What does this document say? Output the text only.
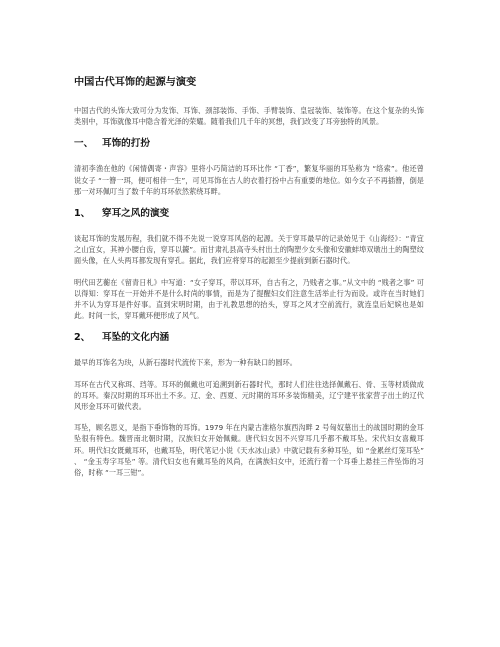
中国古代耳饰的起源与演变

中国古代的头饰大致可分为发饰、耳饰、颈部装饰、手饰、手臂装饰、皇冠装饰、装饰等。在这个复杂的头饰类别中，耳饰就像耳中隐含着光泽的荣耀。随着我们几千年的冥想，我们改变了耳旁独特的风景。

一、 耳饰的打扮

清初李渔在他的《闲情偶寄・声容》里将小巧简洁的耳环比作 “丁香”，繁复华丽的耳坠称为 “络索”。他还曾说女子 “一簪一珥，便可相伴一生”，可见耳饰在古人的衣着打扮中占有重要的地位。如今女子不再插簪，倒是那一对环佩叮当了数千年的耳环依然萦绕耳畔。

1、 穿耳之风的演变

谈起耳饰的发展历程，我们就不得不先说一说穿耳风俗的起源。关于穿耳最早的记录始见于《山海经》：“青宜之山宜女，其神小腰白齿，穿耳以鐻”。而甘肃礼县高寺头村出土的陶塑少女头像和安徽蚌埠双墩出土的陶塑纹面头像，在人头两耳都发现有穿孔。据此，我们应将穿耳的起源至少提前到新石器时代。

明代田艺蘅在《留青日札》中写道：“女子穿耳，带以耳环，自古有之，乃贱者之事。”从文中的 “贱者之事” 可以得知：穿耳在一开始并不是什么时尚的事情，而是为了提醒妇女们注意生活举止行为而设。或许在当时她们并不认为穿耳是件好事。直到宋明时期，由于礼教思想的抬头，穿耳之风才空前流行，就连皇后妃嫔也是如此。时间一长，穿耳戴环便形成了风气。

2、 耳坠的文化内涵

最早的耳饰名为玦，从新石器时代流传下来，形为一种有缺口的圆环。

耳环在古代又称珥、珰等。耳环的佩戴也可追溯到新石器时代，那时人们往往选择佩戴石、骨、玉等材质做成的耳环。秦汉时期的耳环出土不多。辽、金、西夏、元时期的耳环多装饰精美，辽宁建平张家营子出土的辽代风形金耳环可做代表。

耳坠，顾名思义，是指下垂饰物的耳饰。1979 年在内蒙古准格尔旗西沟畔 2 号匈奴墓出土的战国时期的金耳坠很有特色。魏晋南北朝时期，汉族妇女开始佩戴。唐代妇女因不兴穿耳几乎都不戴耳坠。宋代妇女喜戴耳环。明代妇女既戴耳环，也戴耳坠，明代笔记小说《天水冰山录》中就记载有多种耳坠，如 “金累丝灯笼耳坠” 、 “金玉寿字耳坠” 等。清代妇女也有戴耳坠的风尚，在满族妇女中，还流行着一个耳垂上悬挂三件坠饰的习俗，时称 “一耳三钳”。
